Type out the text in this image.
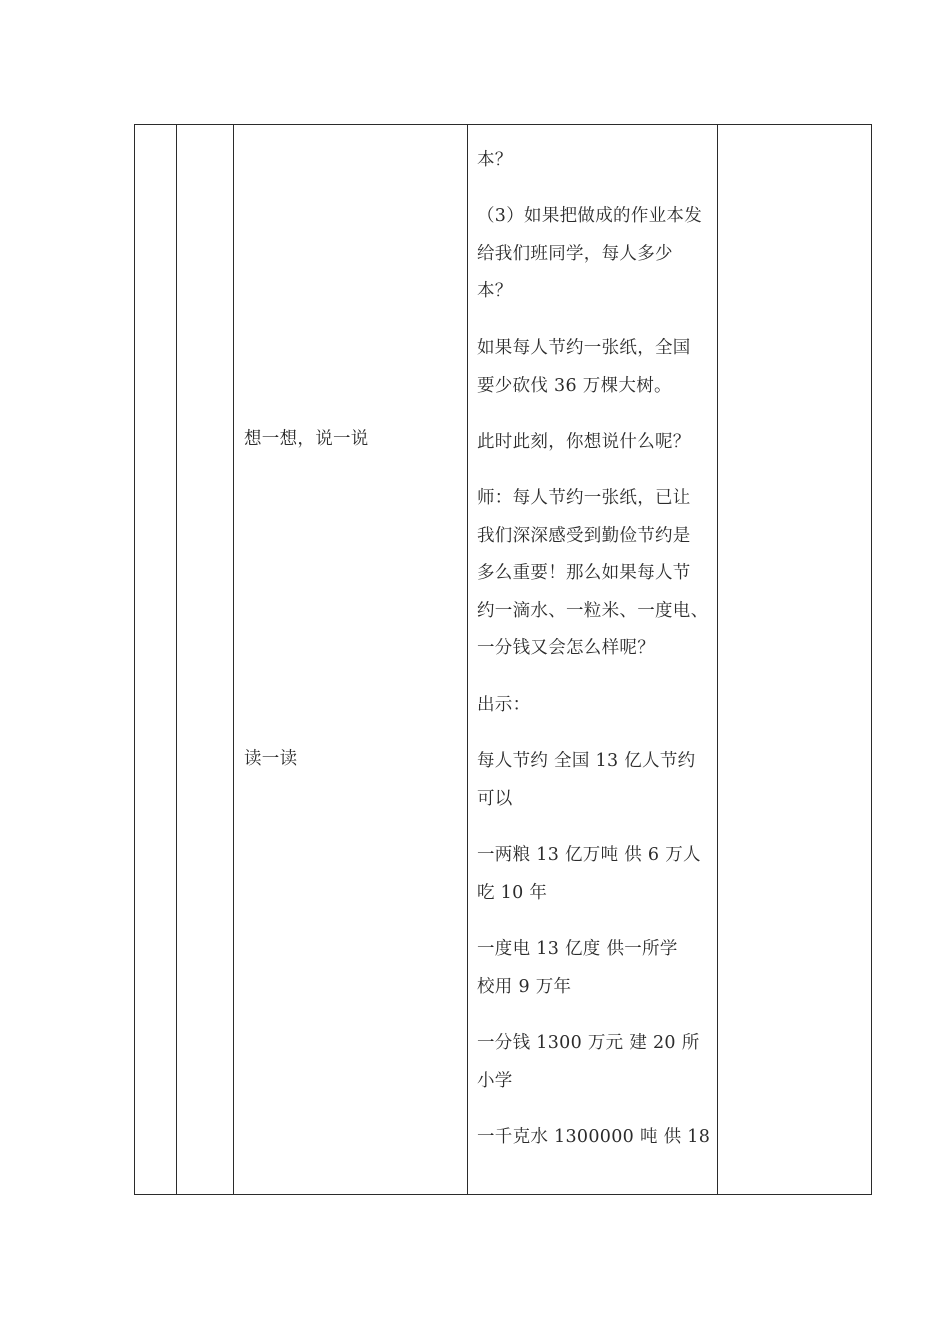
想一想，说一说
读一读
本？
（3）如果把做成的作业本发
给我们班同学，每人多少
本？
如果每人节约一张纸，全国
要少砍伐 36 万棵大树。
此时此刻，你想说什么呢？
师：每人节约一张纸，已让
我们深深感受到勤俭节约是
多么重要！那么如果每人节
约一滴水、一粒米、一度电、
一分钱又会怎么样呢？
出示：
每人节约 全国 13 亿人节约
可以
一两粮 13 亿万吨 供 6 万人
吃 10 年
一度电 13 亿度 供一所学
校用 9 万年
一分钱 1300 万元 建 20 所
小学
一千克水 1300000 吨 供 18
